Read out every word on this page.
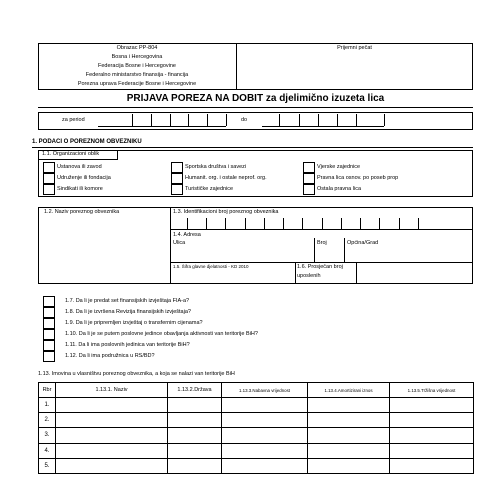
Obrazac PP-804
Bosna i Hercegovina
Federacija Bosne i Hercegovine
Federalno ministarstvo finansija - financija
Porezna uprava Federacije Bosne i Hercegovine
Prijemni pečat
PRIJAVA POREZA NA DOBIT za djelimično izuzeta lica
za period	do
1. PODACI O POREZNOM OBVEZNIKU
1.1. Organizacioni oblik
Ustanova ili zavod	Sportska društva i savezi	Vjerske zajednice
Udruženje ili fondacija	Humanit. org. i ostale neprof. org.	Pravna lica osnov. po poseb prop
Sindikati ili komore	Turističke zajednice	Ostala pravna lica
1.2. Naziv poreznog obveznika	1.3. Identifikacioni broj poreznog obveznika
1.4. Adresa
Ulica	Broj	Općina/Grad
1.5. Šifra glavne djelatnosti - KD 2010	1.6. Prosječan broj
uposlenih
1.7. Da li je predat set finansijskih izvještaja FIA-a?
1.8. Da li je izvršena Revizija finansijskih izvještaja?
1.9. Da li je pripremljen izvještaj o transfernim cijenama?
1.10. Da li je se putem poslovne jedince obavljanja aktivnosti van teritorije BiH?
1.11. Da li ima poslovnih jedinica van teritorije BiH?
1.12. Da li ima podružnica u RS/BD?
1.13. Imovina u vlasništvu poreznog obveznika, a koja se nalazi van teritorije BiH
Rbr	1.13.1. Naziv	1.13.2.Država	1.13.3.Nabavna vrijednost	1.13.4.Amortizirani iznos	1.13.5.Tržišna vrijednost
1.					
2.					
3.					
4.					
5.					
